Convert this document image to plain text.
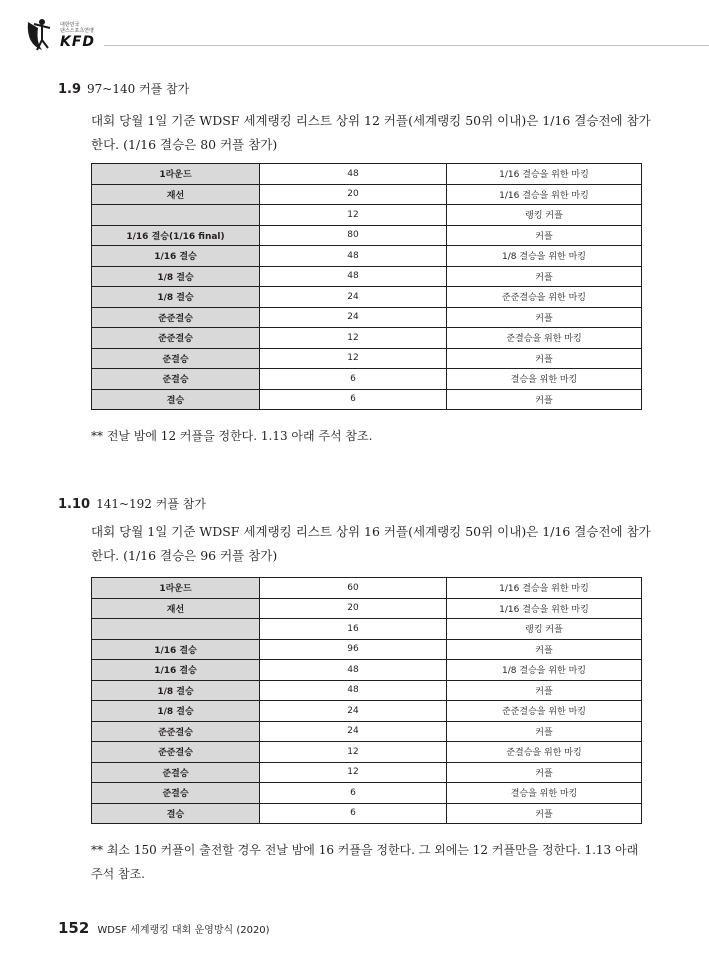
대한민국
댄스스포츠연맹
KFD
1.9 97~140 커플 참가
대회 당월 1일 기준 WDSF 세계랭킹 리스트 상위 12 커플(세계랭킹 50위 이내)은 1/16 결승전에 참가한다. (1/16 결승은 80 커플 참가)
1라운드	48	1/16 결승을 위한 마킹
재선	20	1/16 결승을 위한 마킹
	12	랭킹 커플
1/16 결승(1/16 final)	80	커플
1/16 결승	48	1/8 결승을 위한 마킹
1/8 결승	48	커플
1/8 결승	24	준준결승을 위한 마킹
준준결승	24	커플
준준결승	12	준결승을 위한 마킹
준결승	12	커플
준결승	6	결승을 위한 마킹
결승	6	커플
** 전날 밤에 12 커플을 정한다. 1.13 아래 주석 참조.
1.10 141~192 커플 참가
대회 당월 1일 기준 WDSF 세계랭킹 리스트 상위 16 커플(세계랭킹 50위 이내)은 1/16 결승전에 참가한다. (1/16 결승은 96 커플 참가)
1라운드	60	1/16 결승을 위한 마킹
재선	20	1/16 결승을 위한 마킹
	16	랭킹 커플
1/16 결승	96	커플
1/16 결승	48	1/8 결승을 위한 마킹
1/8 결승	48	커플
1/8 결승	24	준준결승을 위한 마킹
준준결승	24	커플
준준결승	12	준결승을 위한 마킹
준결승	12	커플
준결승	6	결승을 위한 마킹
결승	6	커플
** 최소 150 커플이 출전할 경우 전날 밤에 16 커플을 정한다. 그 외에는 12 커플만을 정한다. 1.13 아래 주석 참조.
152 WDSF 세계랭킹 대회 운영방식 (2020)
